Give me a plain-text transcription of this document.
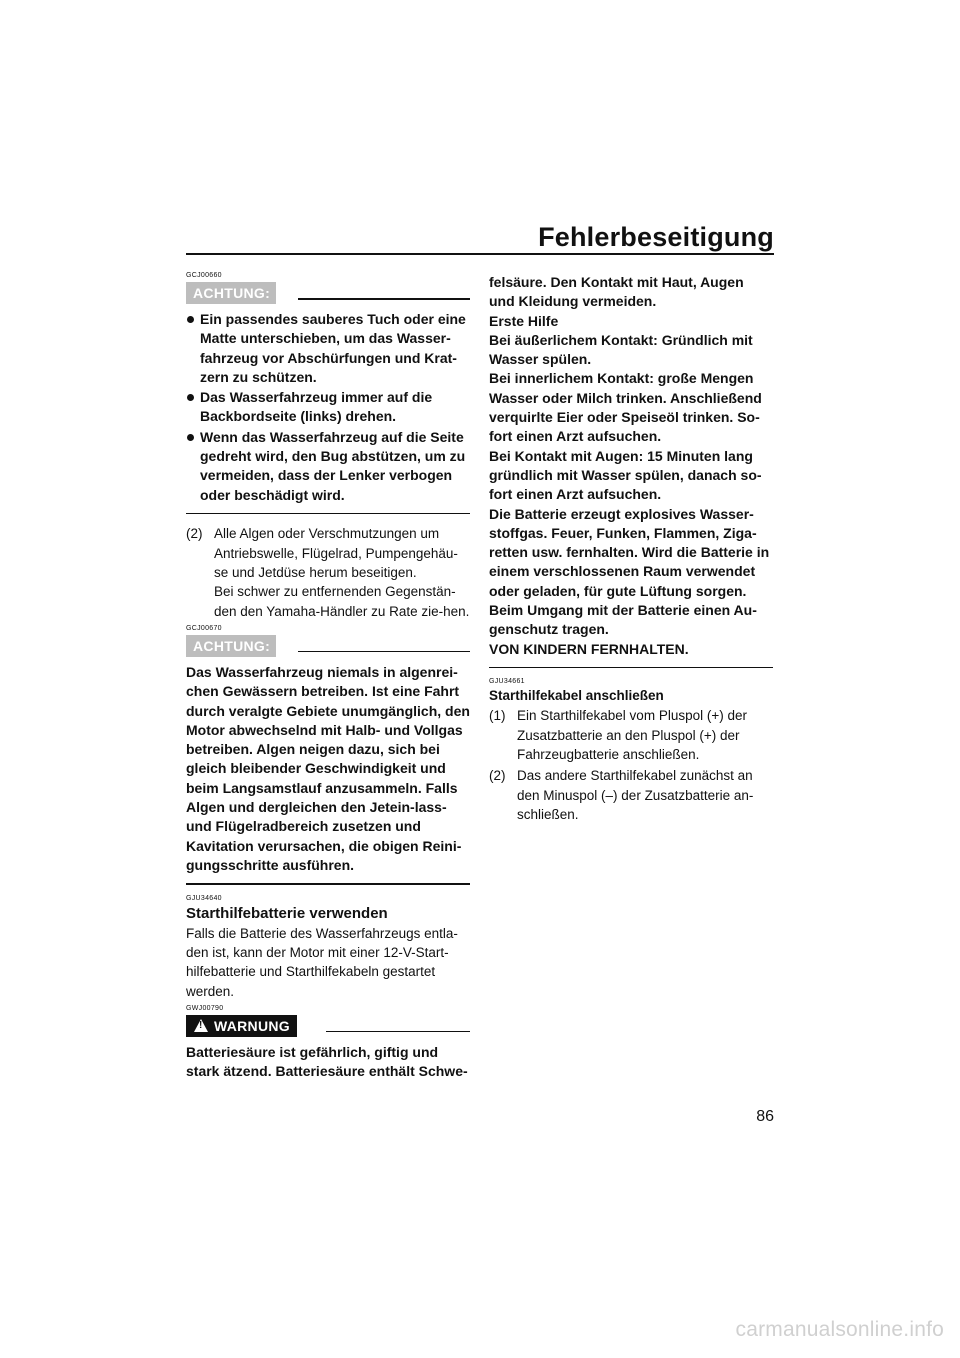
Fehlerbeseitigung
GCJ00660
ACHTUNG:
Ein passendes sauberes Tuch oder eine Matte unterschieben, um das Wasser-fahrzeug vor Abschürfungen und Krat-zern zu schützen.
Das Wasserfahrzeug immer auf die Backbordseite (links) drehen.
Wenn das Wasserfahrzeug auf die Seite gedreht wird, den Bug abstützen, um zu vermeiden, dass der Lenker verbogen oder beschädigt wird.
(2) Alle Algen oder Verschmutzungen um Antriebswelle, Flügelrad, Pumpengehäu-se und Jetdüse herum beseitigen.
Bei schwer zu entfernenden Gegenstän-den den Yamaha-Händler zu Rate zie-hen.
GCJ00670
ACHTUNG:
Das Wasserfahrzeug niemals in algenrei-chen Gewässern betreiben. Ist eine Fahrt durch veralgte Gebiete unumgänglich, den Motor abwechselnd mit Halb- und Vollgas betreiben. Algen neigen dazu, sich bei gleich bleibender Geschwindigkeit und beim Langsamstlauf anzusammeln. Falls Algen und dergleichen den Jetein-lass- und Flügelradbereich zusetzen und Kavitation verursachen, die obigen Reini-gungsschritte ausführen.
GJU34640
Starthilfebatterie verwenden
Falls die Batterie des Wasserfahrzeugs entla-den ist, kann der Motor mit einer 12-V-Start-hilfebatterie und Starthilfekabeln gestartet werden.
GWJ00790
!WARNUNG
Batteriesäure ist gefährlich, giftig und stark ätzend. Batteriesäure enthält Schwe-
felsäure. Den Kontakt mit Haut, Augen und Kleidung vermeiden.
Erste Hilfe
Bei äußerlichem Kontakt: Gründlich mit Wasser spülen.
Bei innerlichem Kontakt: große Mengen Wasser oder Milch trinken. Anschließend verquirlte Eier oder Speiseöl trinken. So-fort einen Arzt aufsuchen.
Bei Kontakt mit Augen: 15 Minuten lang gründlich mit Wasser spülen, danach so-fort einen Arzt aufsuchen.
Die Batterie erzeugt explosives Wasser-stoffgas. Feuer, Funken, Flammen, Ziga-retten usw. fernhalten. Wird die Batterie in einem verschlossenen Raum verwendet oder geladen, für gute Lüftung sorgen. Beim Umgang mit der Batterie einen Au-genschutz tragen.
VON KINDERN FERNHALTEN.
GJU34661
Starthilfekabel anschließen
(1) Ein Starthilfekabel vom Pluspol (+) der Zusatzbatterie an den Pluspol (+) der Fahrzeugbatterie anschließen.
(2) Das andere Starthilfekabel zunächst an den Minuspol (–) der Zusatzbatterie an-schließen.
86
carmanualsonline.info
